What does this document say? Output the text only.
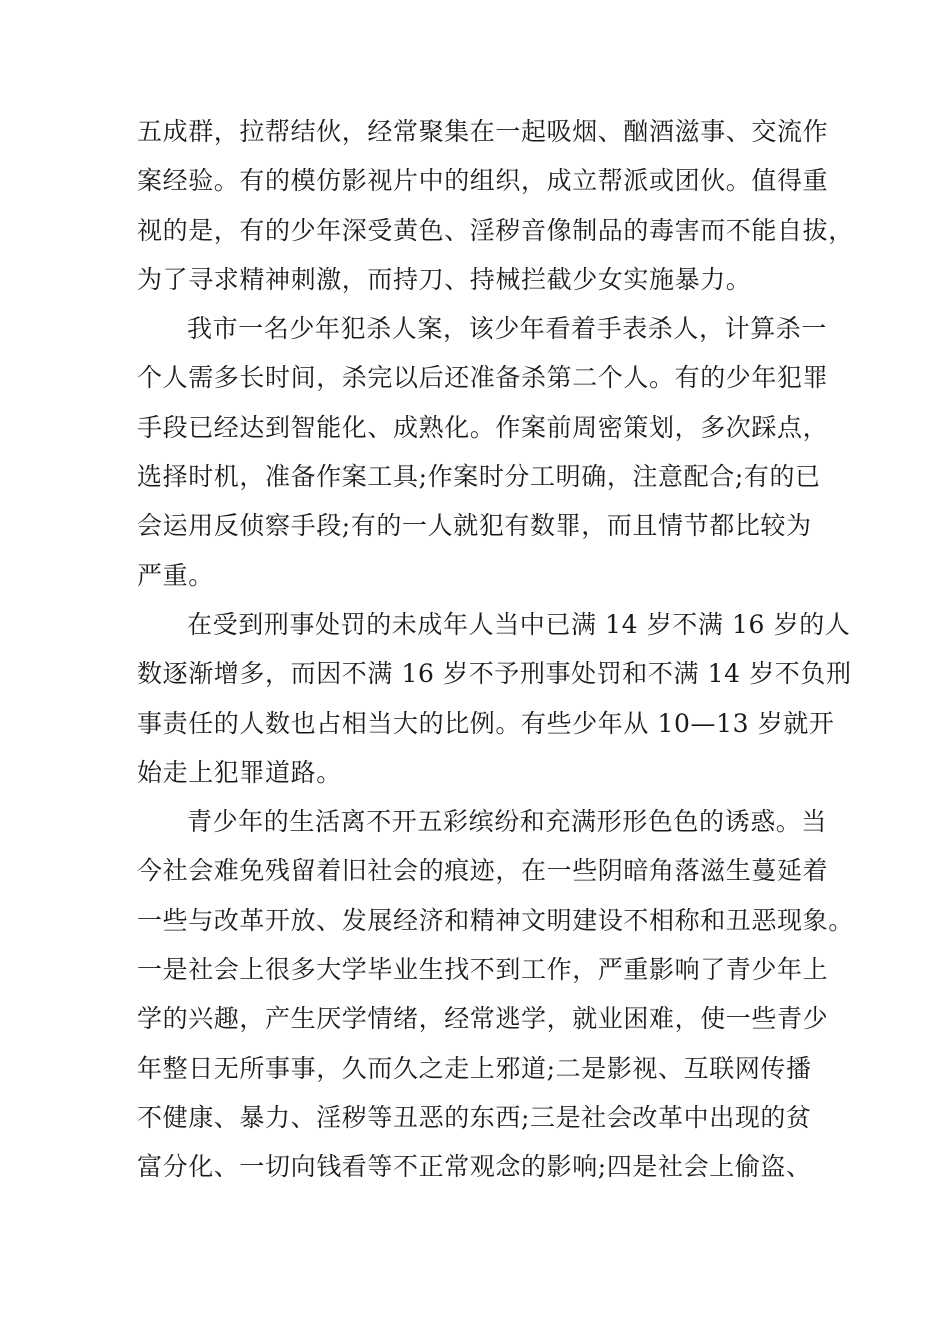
五成群，拉帮结伙，经常聚集在一起吸烟、酗酒滋事、交流作
案经验。有的模仿影视片中的组织，成立帮派或团伙。值得重
视的是，有的少年深受黄色、淫秽音像制品的毒害而不能自拔，
为了寻求精神刺激，而持刀、持械拦截少女实施暴力。
我市一名少年犯杀人案，该少年看着手表杀人，计算杀一
个人需多长时间，杀完以后还准备杀第二个人。有的少年犯罪
手段已经达到智能化、成熟化。作案前周密策划，多次踩点，
选择时机，准备作案工具;作案时分工明确，注意配合;有的已
会运用反侦察手段;有的一人就犯有数罪，而且情节都比较为
严重。
在受到刑事处罚的未成年人当中已满 14 岁不满 16 岁的人
数逐渐增多，而因不满 16 岁不予刑事处罚和不满 14 岁不负刑
事责任的人数也占相当大的比例。有些少年从 10—13 岁就开
始走上犯罪道路。
青少年的生活离不开五彩缤纷和充满形形色色的诱惑。当
今社会难免残留着旧社会的痕迹，在一些阴暗角落滋生蔓延着
一些与改革开放、发展经济和精神文明建设不相称和丑恶现象。
一是社会上很多大学毕业生找不到工作，严重影响了青少年上
学的兴趣，产生厌学情绪，经常逃学，就业困难，使一些青少
年整日无所事事，久而久之走上邪道;二是影视、互联网传播
不健康、暴力、淫秽等丑恶的东西;三是社会改革中出现的贫
富分化、一切向钱看等不正常观念的影响;四是社会上偷盗、
